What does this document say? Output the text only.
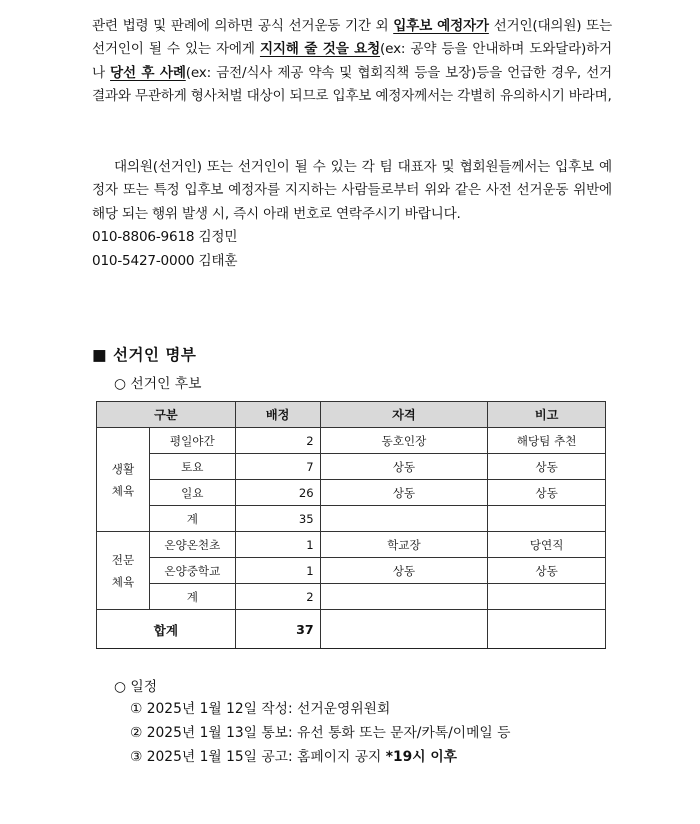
관련 법령 및 판례에 의하면 공식 선거운동 기간 외 입후보 예정자가 선거인(대의원) 또는 선거인이 될 수 있는 자에게 지지해 줄 것을 요청(ex: 공약 등을 안내하며 도와달라)하거나 당선 후 사례(ex: 금전/식사 제공 약속 및 협회직책 등을 보장)등을 언급한 경우, 선거 결과와 무관하게 형사처벌 대상이 되므로 입후보 예정자께서는 각별히 유의하시기 바라며,

대의원(선거인) 또는 선거인이 될 수 있는 각 팀 대표자 및 협회원들께서는 입후보 예정자 또는 특정 입후보 예정자를 지지하는 사람들로부터 위와 같은 사전 선거운동 위반에 해당 되는 행위 발생 시, 즉시 아래 번호로 연락주시기 바랍니다.

010-8806-9618 김정민
010-5427-0000 김태훈
■ 선거인 명부
○ 선거인 후보
구분		배정	자격	비고
생활
체육	평일야간	2	동호인장	해당팀 추천
	토요	7	상동	상동
	일요	26	상동	상동
	계	35		
전문
체육	온양온천초	1	학교장	당연직
	온양중학교	1	상동	상동
	계	2		
합계		37		
○ 일정
① 2025년 1월 12일 작성: 선거운영위원회
② 2025년 1월 13일 통보: 유선 통화 또는 문자/카톡/이메일 등
③ 2025년 1월 15일 공고: 홈페이지 공지 *19시 이후
